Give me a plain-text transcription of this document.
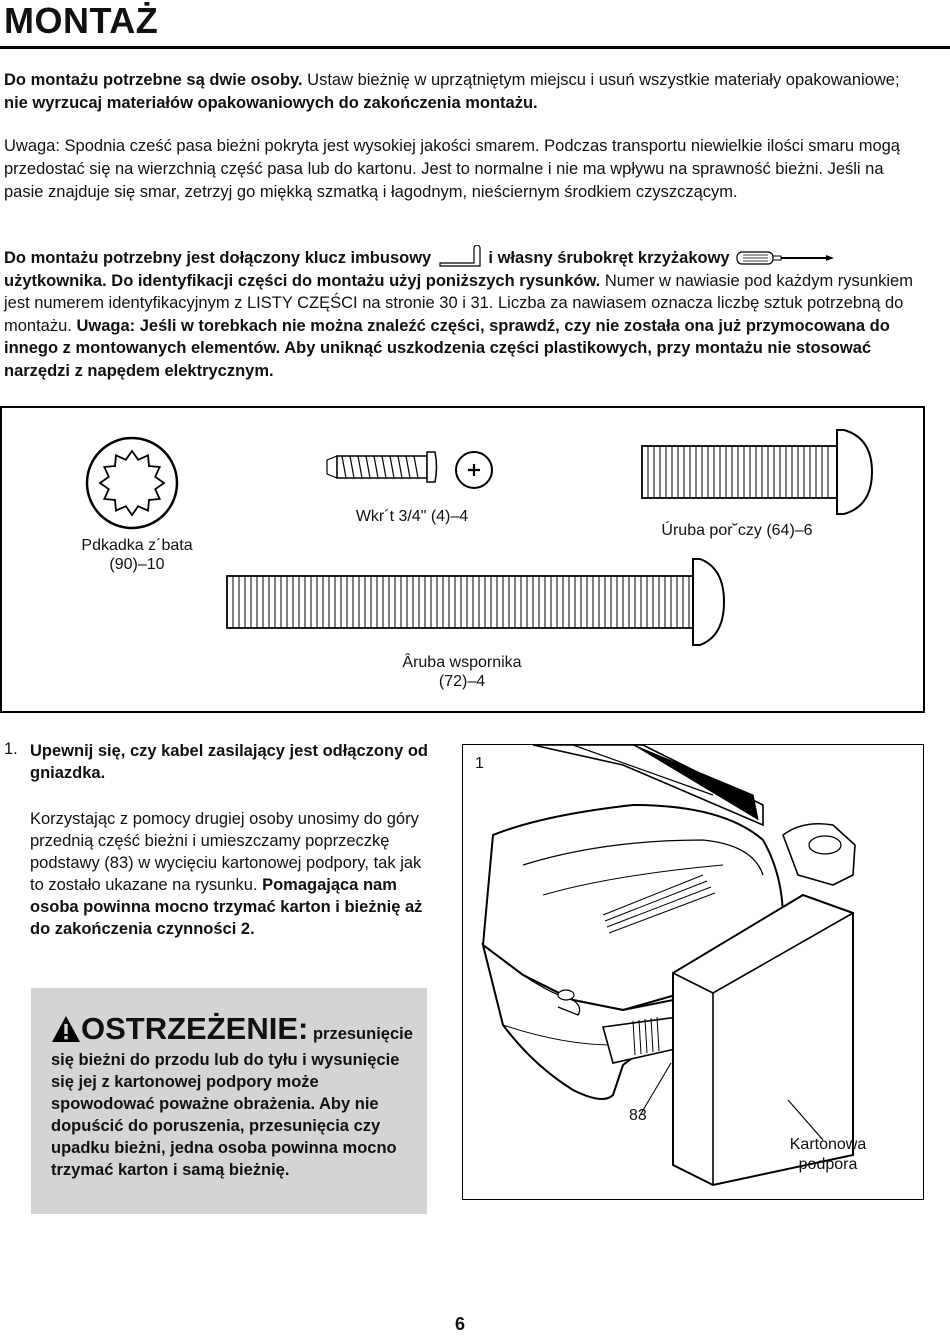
MONTAŻ

Do montażu potrzebne są dwie osoby. Ustaw bieżnię w uprzątniętym miejscu i usuń wszystkie materiały opakowaniowe; nie wyrzucaj materiałów opakowaniowych do zakończenia montażu.

Uwaga: Spodnia cześć pasa bieżni pokryta jest wysokiej jakości smarem. Podczas transportu niewielkie ilości smaru mogą przedostać się na wierzchnią część pasa lub do kartonu. Jest to normalne i nie ma wpływu na sprawność bieżni. Jeśli na pasie znajduje się smar, zetrzyj go miękką szmatką i łagodnym, nieściernym środkiem czyszczącym.

Do montażu potrzebny jest dołączony klucz imbusowy	i własny śrubokręt krzyżakowy
użytkownika. Do identyfikacji części do montażu użyj poniższych rysunków. Numer w nawiasie pod każdym rysunkiem jest numerem identyfikacyjnym z LISTY CZĘŚCI na stronie 30 i 31. Liczba za nawiasem oznacza liczbę sztuk potrzebną do montażu. Uwaga: Jeśli w torebkach nie można znaleźć części, sprawdź, czy nie została ona już przymocowana do innego z montowanych elementów. Aby uniknąć uszkodzenia części plastikowych, przy montażu nie stosować narzędzi z napędem elektrycznym.

Pdkadka z´bata
(90)–10
Wkr´t 3/4" (4)–4
Úruba por˘czy (64)–6
Âruba wspornika
(72)–4
1. Upewnij się, czy kabel zasilający jest odłączony od gniazdka.

Korzystając z pomocy drugiej osoby unosimy do góry przednią część bieżni i umieszczamy poprzeczkę podstawy (83) w wycięciu kartonowej podpory, tak jak to zostało ukazane na rysunku. Pomagająca nam osoba powinna mocno trzymać karton i bieżnię aż do zakończenia czynności 2.

OSTRZEŻENIE: przesunięcie się bieżni do przodu lub do tyłu i wysunięcie się jej z kartonowej podpory może spowodować poważne obrażenia. Aby nie dopuścić do poruszenia, przesunięcia czy upadku bieżni, jedna osoba powinna mocno trzymać karton i samą bieżnię.
1
83
Kartonowa
podpora
6
